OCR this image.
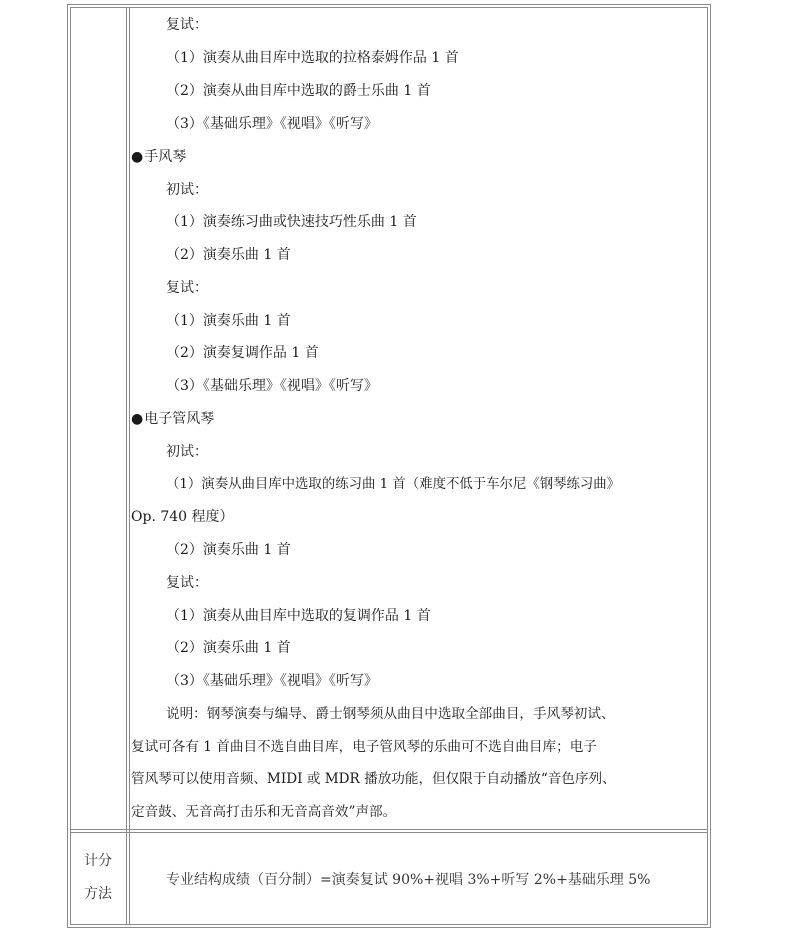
复试：
（1）演奏从曲目库中选取的拉格泰姆作品 1 首
（2）演奏从曲目库中选取的爵士乐曲 1 首
（3）《基础乐理》《视唱》《听写》
●手风琴
初试：
（1）演奏练习曲或快速技巧性乐曲 1 首
（2）演奏乐曲 1 首
复试：
（1）演奏乐曲 1 首
（2）演奏复调作品 1 首
（3）《基础乐理》《视唱》《听写》
●电子管风琴
初试：
（1）演奏从曲目库中选取的练习曲 1 首（难度不低于车尔尼《钢琴练习曲》
Op. 740 程度）
（2）演奏乐曲 1 首
复试：
（1）演奏从曲目库中选取的复调作品 1 首
（2）演奏乐曲 1 首
（3）《基础乐理》《视唱》《听写》
说明：钢琴演奏与编导、爵士钢琴须从曲目中选取全部曲目，手风琴初试、
复试可各有 1 首曲目不选自曲目库，电子管风琴的乐曲可不选自曲目库；电子
管风琴可以使用音频、MIDI 或 MDR 播放功能，但仅限于自动播放“音色序列、
定音鼓、无音高打击乐和无音高音效”声部。
计分
方法
专业结构成绩（百分制）=演奏复试 90%+视唱 3%+听写 2%+基础乐理 5%
